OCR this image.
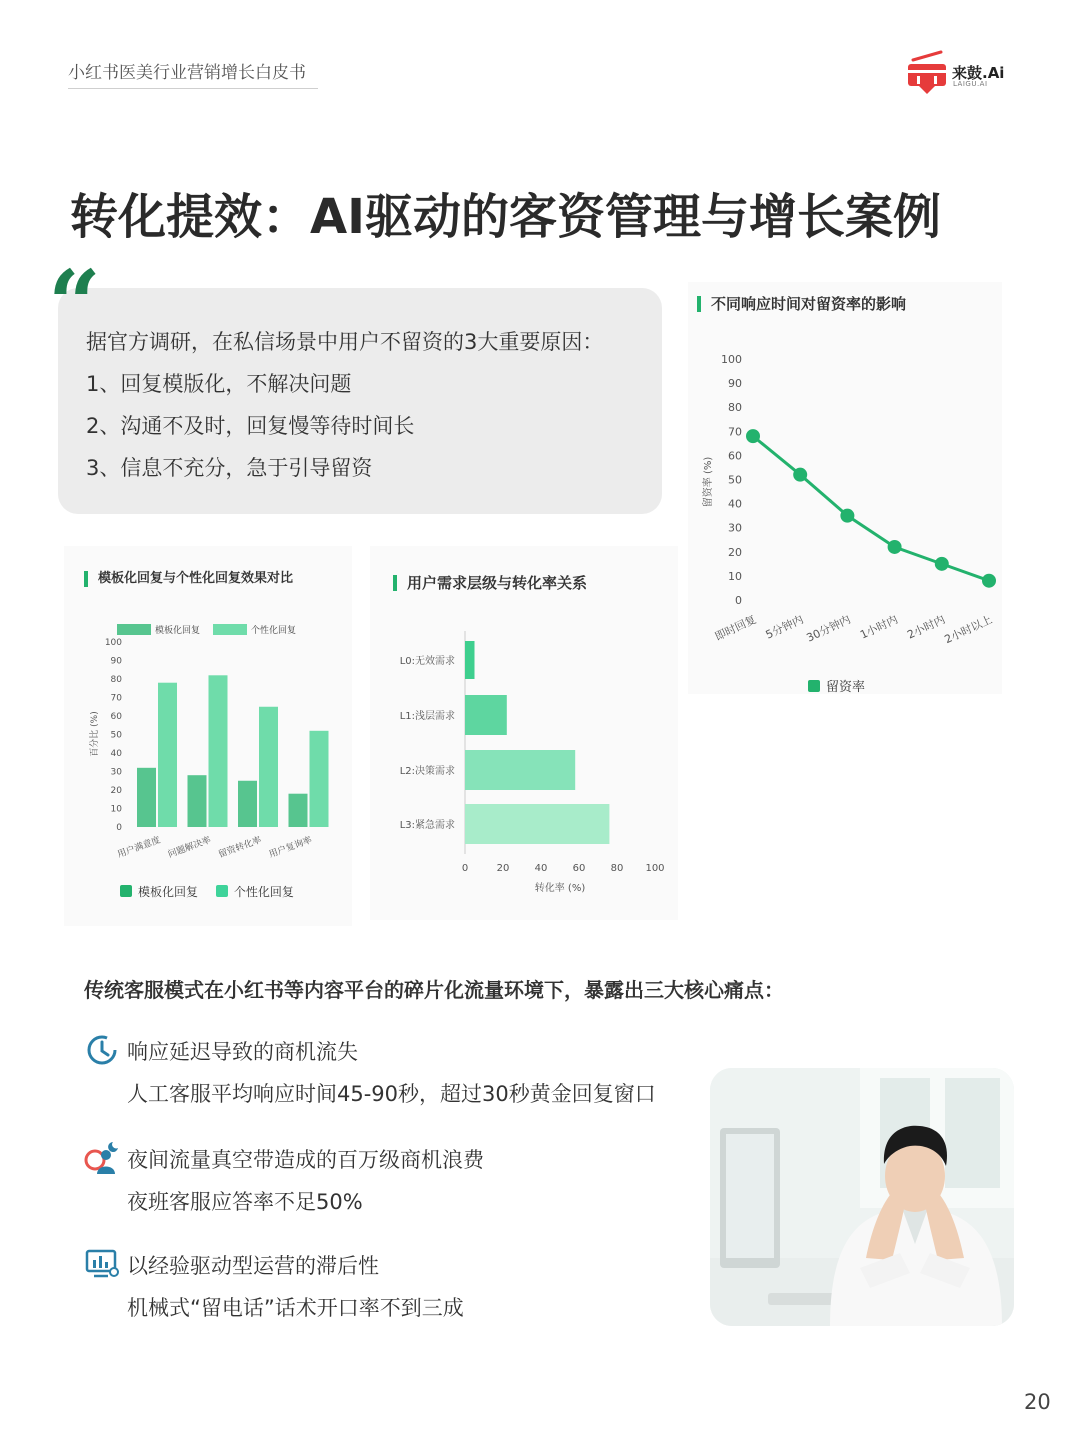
小红书医美行业营销增长白皮书	来鼓.Ai
LAIGU.AI
转化提效：AI驱动的客资管理与增长案例
“
据官方调研，在私信场景中用户不留资的3大重要原因：
1、回复模版化，不解决问题
2、沟通不及时，回复慢等待时间长
3、信息不充分，急于引导留资
不同响应时间对留资率的影响
0
10
20
30
40
50
60
70
80
90
100
留资率 (%)
即时回复 5分钟内 30分钟内 1小时内 2小时内
2小时以上
留资率
模板化回复与个性化回复效果对比
模板化回复	个性化回复
0
10
20
30
40
50
60
70
80
90
100
百分比 (%)
用户满意度 问题解决率 留资转化率 用户复询率
模板化回复	个性化回复
用户需求层级与转化率关系
L0:无效需求
L1:浅层需求
L2:决策需求
L3:紧急需求
0	20	40	60	80 100
转化率 (%)
传统客服模式在小红书等内容平台的碎片化流量环境下，暴露出三大核心痛点：
响应延迟导致的商机流失
人工客服平均响应时间45-90秒，超过30秒黄金回复窗口
夜间流量真空带造成的百万级商机浪费
夜班客服应答率不足50%
以经验驱动型运营的滞后性
机械式“留电话”话术开口率不到三成
20
